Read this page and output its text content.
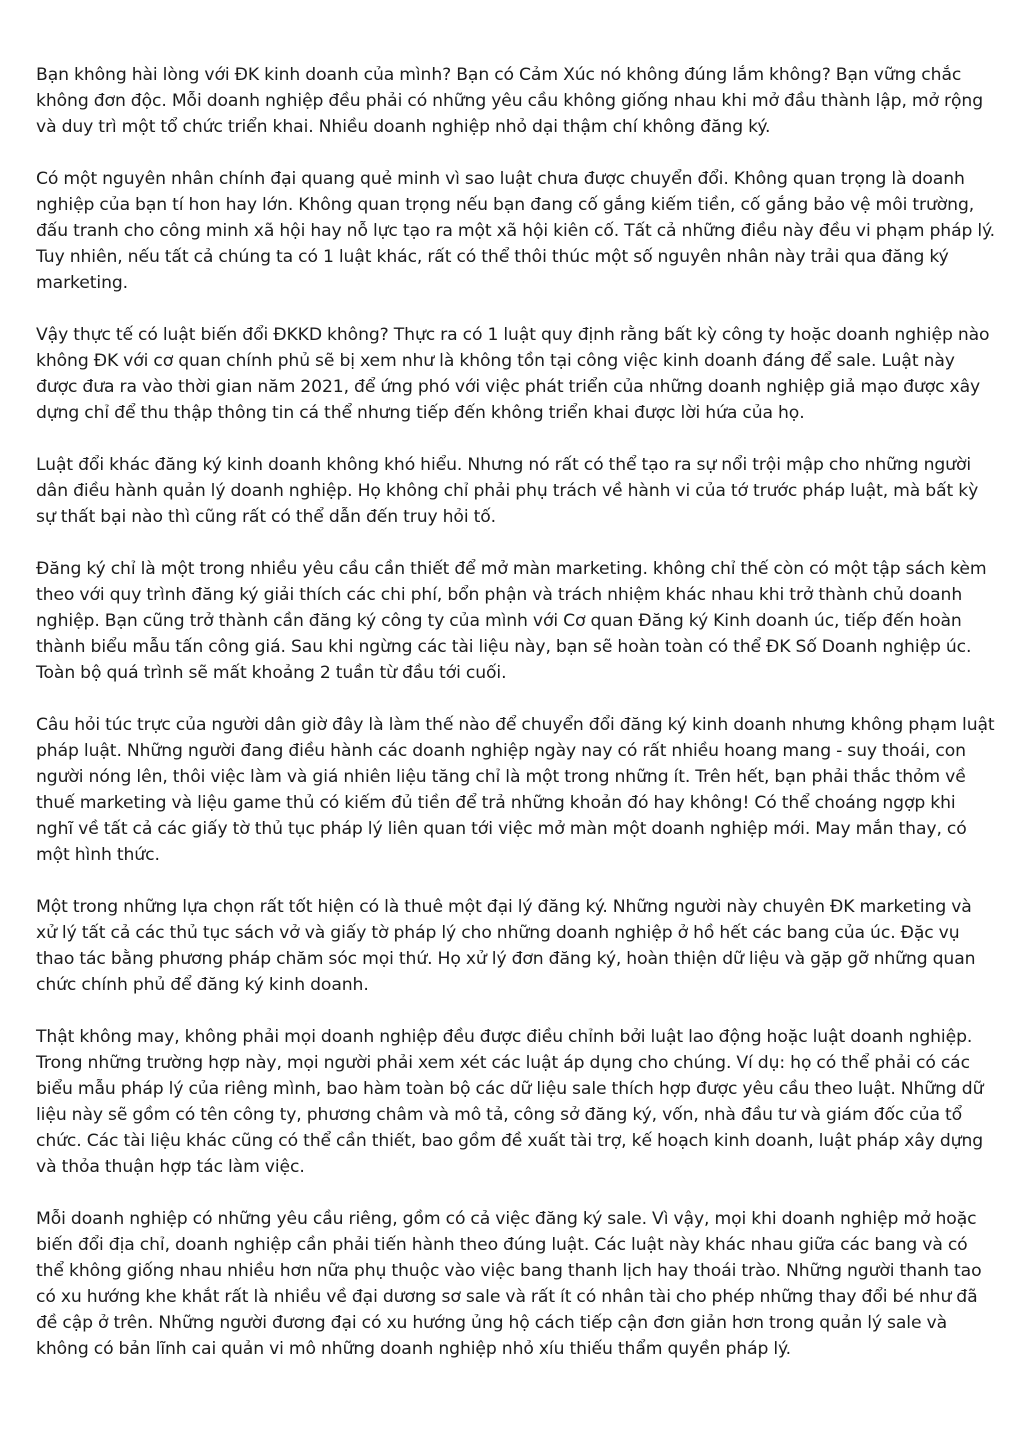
Bạn không hài lòng với ĐK kinh doanh của mình? Bạn có Cảm Xúc nó không đúng lắm không? Bạn vững chắc không đơn độc. Mỗi doanh nghiệp đều phải có những yêu cầu không giống nhau khi mở đầu thành lập, mở rộng và duy trì một tổ chức triển khai. Nhiều doanh nghiệp nhỏ dại thậm chí không đăng ký.

Có một nguyên nhân chính đại quang quẻ minh vì sao luật chưa được chuyển đổi. Không quan trọng là doanh nghiệp của bạn tí hon hay lớn. Không quan trọng nếu bạn đang cố gắng kiếm tiền, cố gắng bảo vệ môi trường, đấu tranh cho công minh xã hội hay nỗ lực tạo ra một xã hội kiên cố. Tất cả những điều này đều vi phạm pháp lý. Tuy nhiên, nếu tất cả chúng ta có 1 luật khác, rất có thể thôi thúc một số nguyên nhân này trải qua đăng ký marketing.

Vậy thực tế có luật biến đổi ĐKKD không? Thực ra có 1 luật quy định rằng bất kỳ công ty hoặc doanh nghiệp nào không ĐK với cơ quan chính phủ sẽ bị xem như là không tồn tại công việc kinh doanh đáng để sale. Luật này được đưa ra vào thời gian năm 2021, để ứng phó với việc phát triển của những doanh nghiệp giả mạo được xây dựng chỉ để thu thập thông tin cá thể nhưng tiếp đến không triển khai được lời hứa của họ.

Luật đổi khác đăng ký kinh doanh không khó hiểu. Nhưng nó rất có thể tạo ra sự nổi trội mập cho những người dân điều hành quản lý doanh nghiệp. Họ không chỉ phải phụ trách về hành vi của tớ trước pháp luật, mà bất kỳ sự thất bại nào thì cũng rất có thể dẫn đến truy hỏi tố.

Đăng ký chỉ là một trong nhiều yêu cầu cần thiết để mở màn marketing. không chỉ thế còn có một tập sách kèm theo với quy trình đăng ký giải thích các chi phí, bổn phận và trách nhiệm khác nhau khi trở thành chủ doanh nghiệp. Bạn cũng trở thành cần đăng ký công ty của mình với Cơ quan Đăng ký Kinh doanh úc, tiếp đến hoàn thành biểu mẫu tấn công giá. Sau khi ngừng các tài liệu này, bạn sẽ hoàn toàn có thể ĐK Số Doanh nghiệp úc. Toàn bộ quá trình sẽ mất khoảng 2 tuần từ đầu tới cuối.

Câu hỏi túc trực của người dân giờ đây là làm thế nào để chuyển đổi đăng ký kinh doanh nhưng không phạm luật pháp luật. Những người đang điều hành các doanh nghiệp ngày nay có rất nhiều hoang mang - suy thoái, con người nóng lên, thôi việc làm và giá nhiên liệu tăng chỉ là một trong những ít. Trên hết, bạn phải thắc thỏm về thuế marketing và liệu game thủ có kiếm đủ tiền để trả những khoản đó hay không! Có thể choáng ngợp khi nghĩ về tất cả các giấy tờ thủ tục pháp lý liên quan tới việc mở màn một doanh nghiệp mới. May mắn thay, có một hình thức.

Một trong những lựa chọn rất tốt hiện có là thuê một đại lý đăng ký. Những người này chuyên ĐK marketing và xử lý tất cả các thủ tục sách vở và giấy tờ pháp lý cho những doanh nghiệp ở hồ hết các bang của úc. Đặc vụ thao tác bằng phương pháp chăm sóc mọi thứ. Họ xử lý đơn đăng ký, hoàn thiện dữ liệu và gặp gỡ những quan chức chính phủ để đăng ký kinh doanh.

Thật không may, không phải mọi doanh nghiệp đều được điều chỉnh bởi luật lao động hoặc luật doanh nghiệp. Trong những trường hợp này, mọi người phải xem xét các luật áp dụng cho chúng. Ví dụ: họ có thể phải có các biểu mẫu pháp lý của riêng mình, bao hàm toàn bộ các dữ liệu sale thích hợp được yêu cầu theo luật. Những dữ liệu này sẽ gồm có tên công ty, phương châm và mô tả, công sở đăng ký, vốn, nhà đầu tư và giám đốc của tổ chức. Các tài liệu khác cũng có thể cần thiết, bao gồm đề xuất tài trợ, kế hoạch kinh doanh, luật pháp xây dựng và thỏa thuận hợp tác làm việc.

Mỗi doanh nghiệp có những yêu cầu riêng, gồm có cả việc đăng ký sale. Vì vậy, mọi khi doanh nghiệp mở hoặc biến đổi địa chỉ, doanh nghiệp cần phải tiến hành theo đúng luật. Các luật này khác nhau giữa các bang và có thể không giống nhau nhiều hơn nữa phụ thuộc vào việc bang thanh lịch hay thoái trào. Những người thanh tao có xu hướng khe khắt rất là nhiều về đại dương sơ sale và rất ít có nhân tài cho phép những thay đổi bé như đã đề cập ở trên. Những người đương đại có xu hướng ủng hộ cách tiếp cận đơn giản hơn trong quản lý sale và không có bản lĩnh cai quản vi mô những doanh nghiệp nhỏ xíu thiếu thẩm quyền pháp lý.
